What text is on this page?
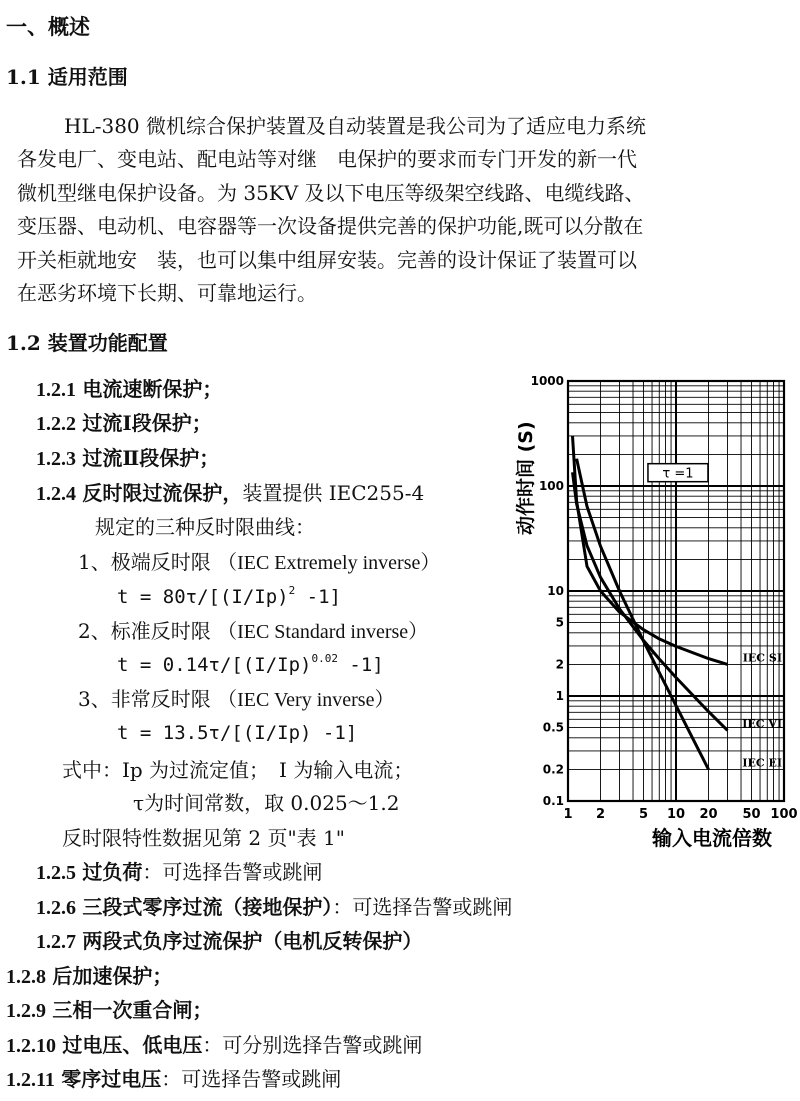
一、概述
1.1 适用范围
HL-380 微机综合保护装置及自动装置是我公司为了适应电力系统
各发电厂、变电站、配电站等对继　电保护的要求而专门开发的新一代
微机型继电保护设备。为 35KV 及以下电压等级架空线路、电缆线路、
变压器、电动机、电容器等一次设备提供完善的保护功能,既可以分散在
开关柜就地安　装，也可以集中组屏安装。完善的设计保证了装置可以
在恶劣环境下长期、可靠地运行。
1.2 装置功能配置
1.2.1 电流速断保护；
1.2.2 过流Ⅰ段保护；
1.2.3 过流Ⅱ段保护；
1.2.4 反时限过流保护，装置提供 IEC255-4
规定的三种反时限曲线：
1、极端反时限 （IEC Extremely inverse）
$t = 80\tau/[(I/Ip)^2$ -1]
2、标准反时限 （IEC Standard inverse）
$t = 0.14\tau/[(I/Ip)^{0.02}$ -1]
3、非常反时限 （IEC Very inverse）
t = 13.5τ/[(I/Ip) -1]
式中：Ip 为过流定值；　I 为输入电流；
τ为时间常数，取 0.025～1.2
反时限特性数据见第 2 页"表 1"
1.2.5 过负荷：可选择告警或跳闸
1.2.6 三段式零序过流（接地保护）：可选择告警或跳闸
1.2.7 两段式负序过流保护（电机反转保护）
1.2.8 后加速保护；
1.2.9 三相一次重合闸；
1.2.10 过电压、低电压：可分别选择告警或跳闸
1.2.11 零序过电压：可选择告警或跳闸
1 2	5 10 20 50 100
0.1
0.2
0.5
1
2
5
10
100
1000
输入电流倍数
动作时间 (S)	τ =1
IEC SI
IEC VI
IEC EI
